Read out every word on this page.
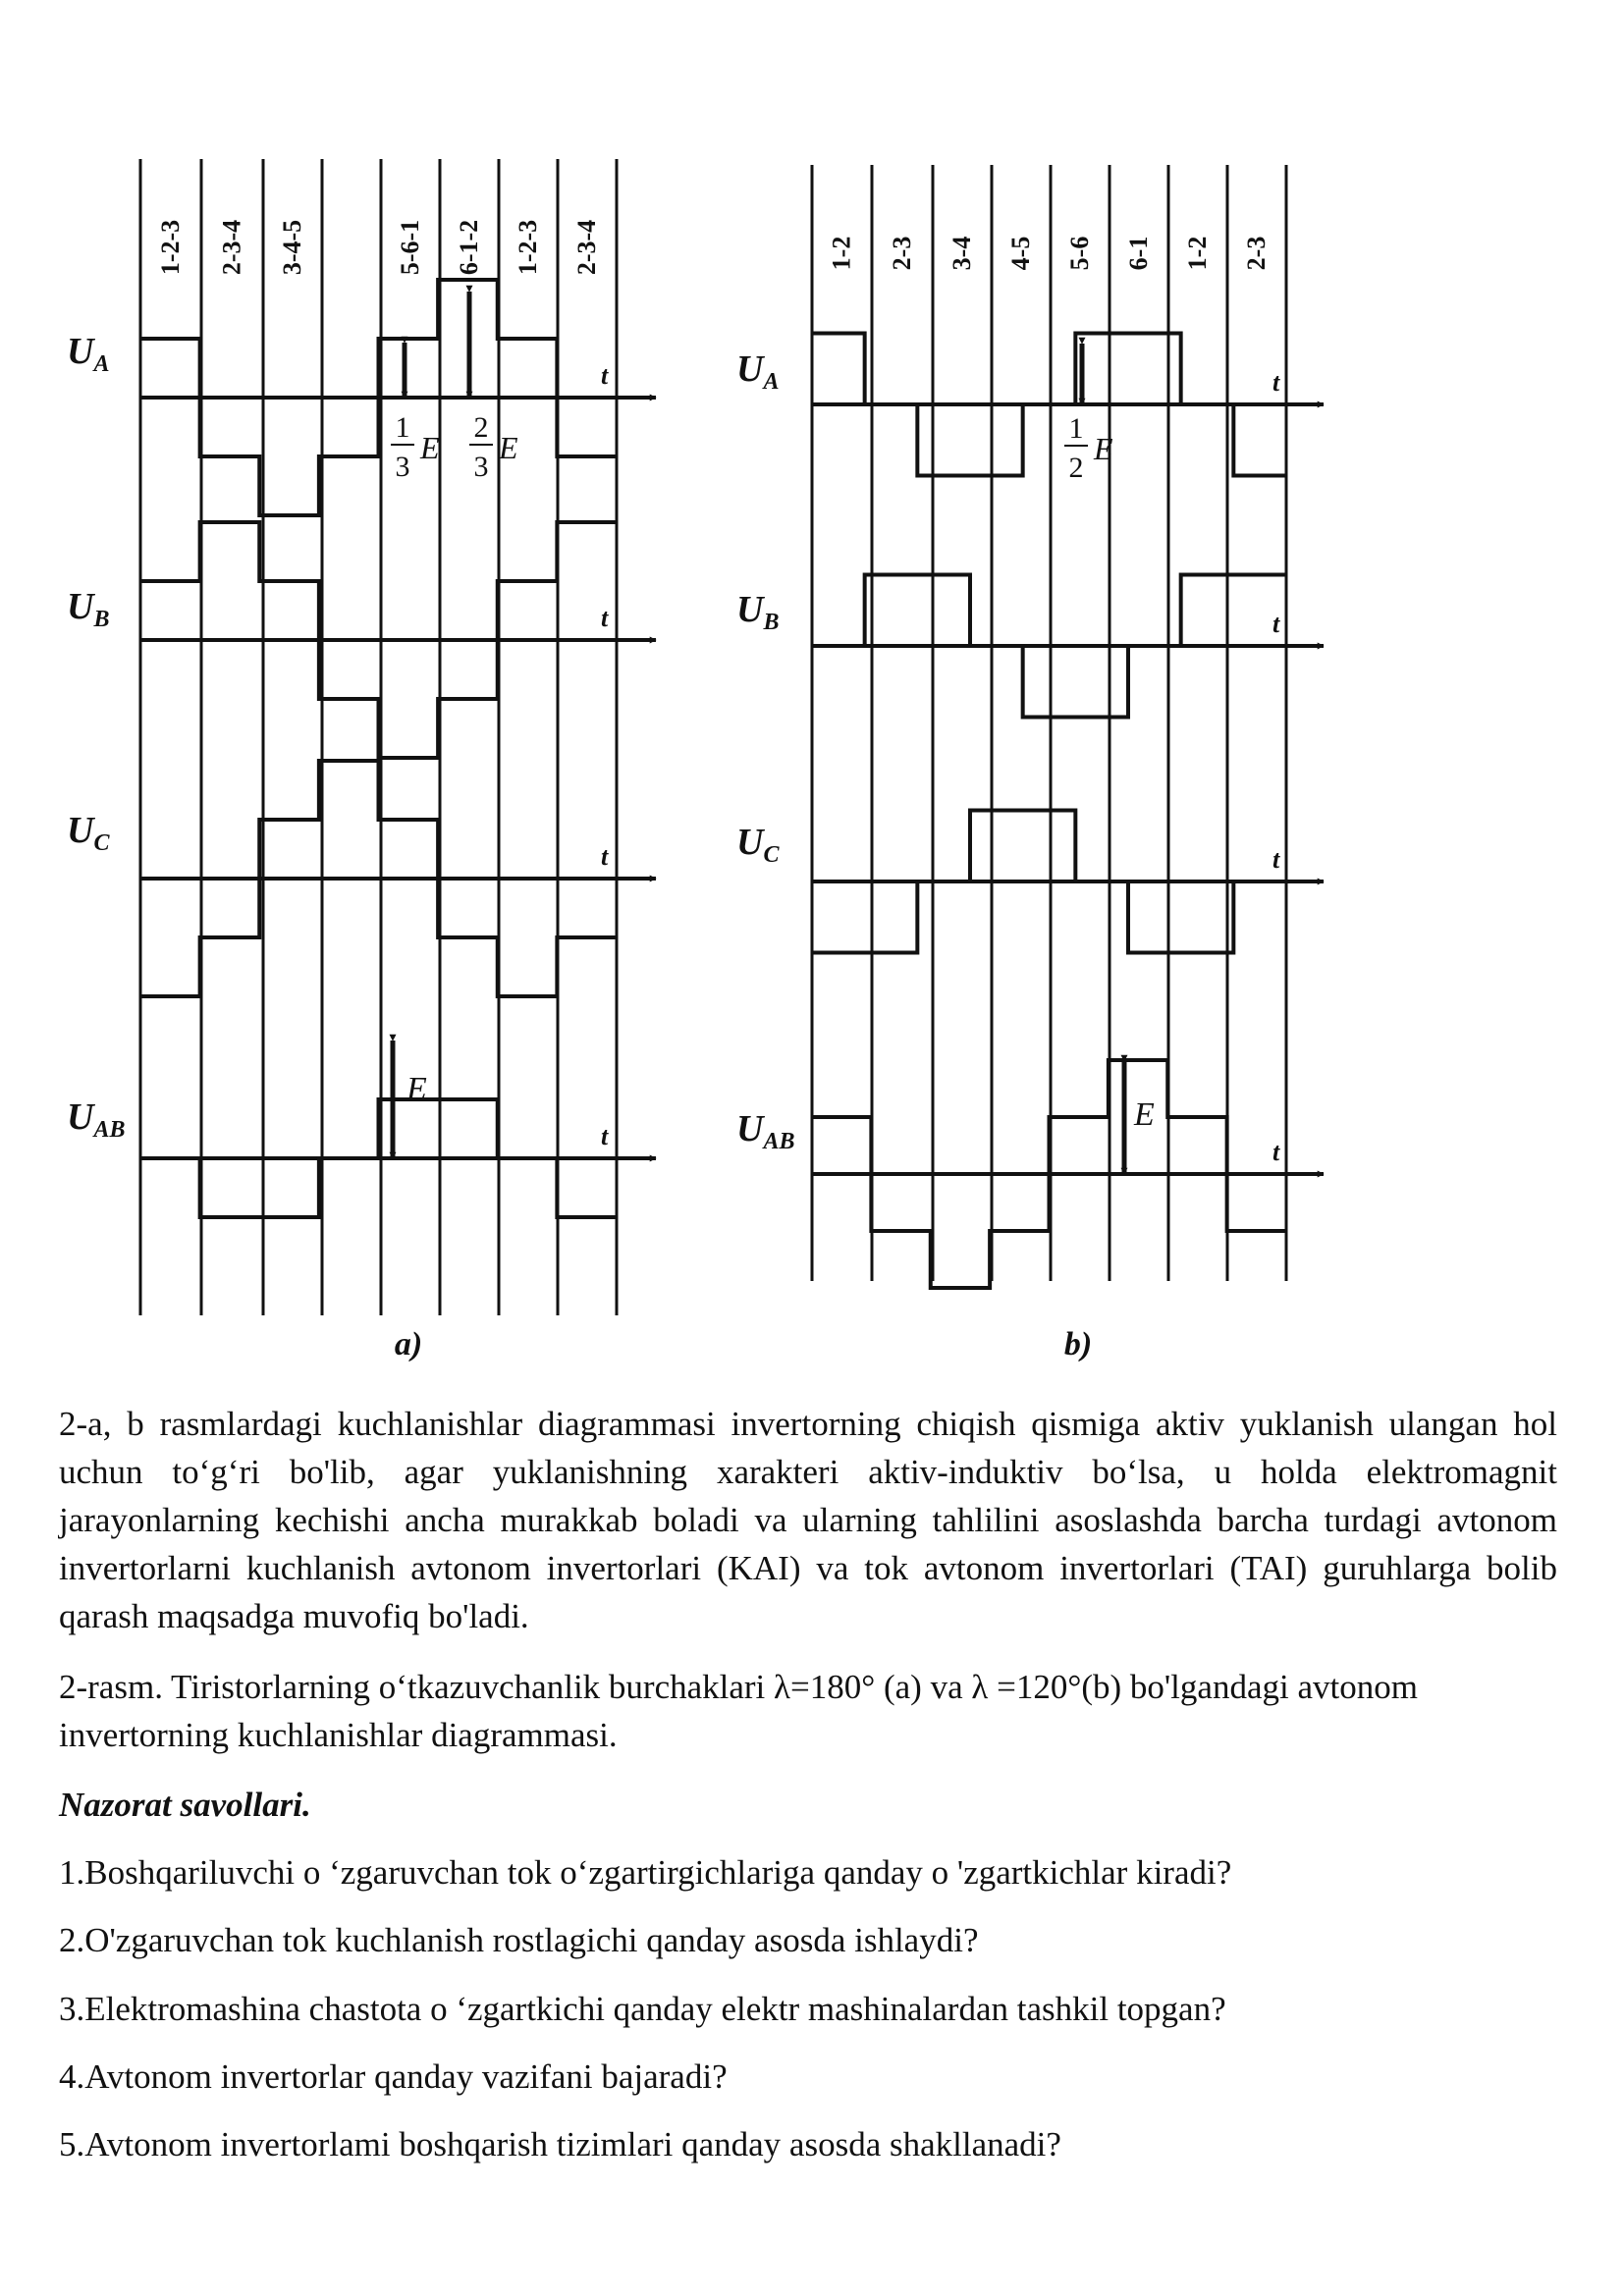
1-2-3 2-3-4 3-4-5	5-6-1 6-1-2 1-2-3 2-3-4
t
$U_A$
t
$U_B$
t
$U_C$
t
$U_{AB}$
1
3
E
2
3
E
E
a)
1-2 2-3 3-4 4-5 5-6 6-1 1-2 2-3
t
$U_A$
t
$U_B$
t
$U_C$
t
$U_{AB}$
1
2
E
E
b)
2-a, b rasmlardagi kuchlanishlar diagrammasi invertorning chiqish qismiga aktiv yuklanish ulangan hol uchun to‘g‘ri bo'lib, agar yuklanishning xarakteri aktiv-induktiv bo‘lsa, u holda elektromagnit jarayonlarning kechishi ancha murakkab boladi va ularning tahlilini asoslashda barcha turdagi avtonom invertorlarni kuchlanish avtonom invertorlari (KAI) va tok avtonom invertorlari (TAI) guruhlarga bolib qarash maqsadga muvofiq bo'ladi.
2-rasm. Tiristorlarning o‘tkazuvchanlik burchaklari λ=180° (a) va λ =120°(b) bo'lgandagi avtonom invertorning kuchlanishlar diagrammasi.
Nazorat savollari.
1.Boshqariluvchi o ‘zgaruvchan tok o‘zgartirgichlariga qanday o 'zgartkichlar kiradi?
2.O'zgaruvchan tok kuchlanish rostlagichi qanday asosda ishlaydi?
3.Elektromashina chastota o ‘zgartkichi qanday elektr mashinalardan tashkil topgan?
4.Avtonom invertorlar qanday vazifani bajaradi?
5.Avtonom invertorlami boshqarish tizimlari qanday asosda shakllanadi?
